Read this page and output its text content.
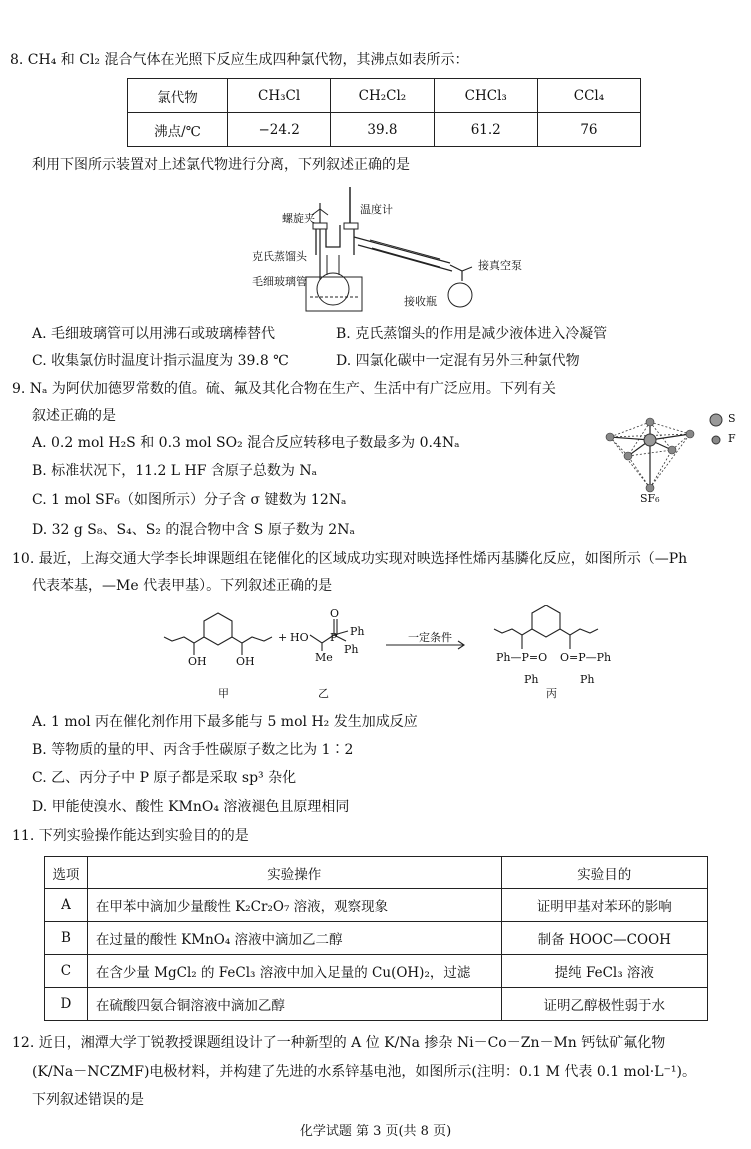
8. CH₄ 和 Cl₂ 混合气体在光照下反应生成四种氯代物，其沸点如表所示：
氯代物	CH₃Cl	CH₂Cl₂	CHCl₃	CCl₄
沸点/℃	−24.2	39.8	61.2	76
利用下图所示装置对上述氯代物进行分离，下列叙述正确的是
螺旋夹
温度计
克氏蒸馏头
毛细玻璃管
接真空泵
接收瓶
A. 毛细玻璃管可以用沸石或玻璃棒替代	B. 克氏蒸馏头的作用是减少液体进入冷凝管
C. 收集氯仿时温度计指示温度为 39.8 ℃	D. 四氯化碳中一定混有另外三种氯代物
9. Nₐ 为阿伏加德罗常数的值。硫、氟及其化合物在生产、生活中有广泛应用。下列有关
叙述正确的是
A. 0.2 mol H₂S 和 0.3 mol SO₂ 混合反应转移电子数最多为 0.4Nₐ
B. 标准状况下，11.2 L HF 含原子总数为 Nₐ
C. 1 mol SF₆（如图所示）分子含 σ 键数为 12Nₐ
D. 32 g S₈、S₄、S₂ 的混合物中含 S 原子数为 2Nₐ
S
F
SF₆
10. 最近，上海交通大学李长坤课题组在铑催化的区域成功实现对映选择性烯丙基膦化反应，如图所示（—Ph
代表苯基，—Me 代表甲基）。下列叙述正确的是
OH	OH
+ HO
Me
O
P Ph
Ph
一定条件
甲	乙
Ph—P=O O=P—Ph
Ph	Ph
丙
A. 1 mol 丙在催化剂作用下最多能与 5 mol H₂ 发生加成反应
B. 等物质的量的甲、丙含手性碳原子数之比为 1∶2
C. 乙、丙分子中 P 原子都是采取 sp³ 杂化
D. 甲能使溴水、酸性 KMnO₄ 溶液褪色且原理相同
11. 下列实验操作能达到实验目的的是
选项	实验操作	实验目的
A	在甲苯中滴加少量酸性 K₂Cr₂O₇ 溶液，观察现象	证明甲基对苯环的影响
B	在过量的酸性 KMnO₄ 溶液中滴加乙二醇	制备 HOOC—COOH
C	在含少量 MgCl₂ 的 FeCl₃ 溶液中加入足量的 Cu(OH)₂，过滤	提纯 FeCl₃ 溶液
D	在硫酸四氨合铜溶液中滴加乙醇	证明乙醇极性弱于水
12. 近日，湘潭大学丁锐教授课题组设计了一种新型的 A 位 K/Na 掺杂 Ni－Co－Zn－Mn 钙钛矿氟化物
(K/Na－NCZMF)电极材料，并构建了先进的水系锌基电池，如图所示(注明：0.1 M 代表 0.1 mol·L⁻¹)。
下列叙述错误的是
化学试题 第 3 页(共 8 页)
